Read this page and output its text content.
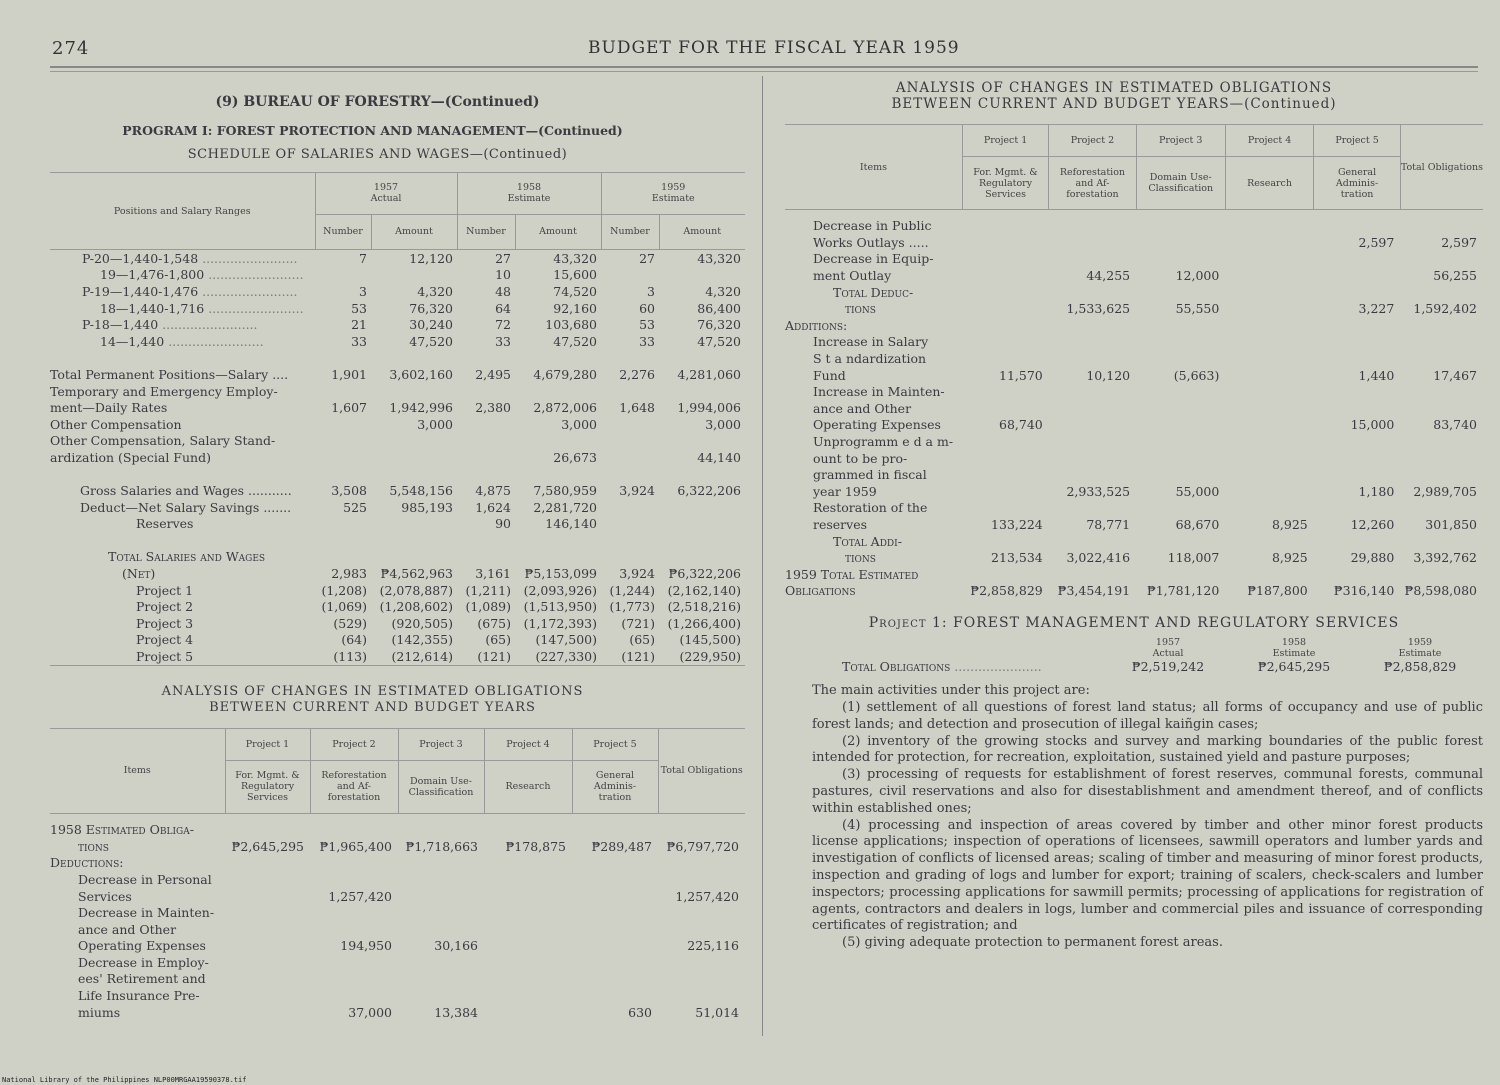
274	BUDGET FOR THE FISCAL YEAR 1959
(9) BUREAU OF FORESTRY—(Continued)
PROGRAM I: FOREST PROTECTION AND MANAGEMENT—(Continued)
SCHEDULE OF SALARIES AND WAGES—(Continued)
Positions and Salary Ranges	1957
Actual		1958
Estimate		1959
Estimate	
	Number	Amount	Number	Amount	Number	Amount
P-20—1,440-1,548 ........................	7	12,120	27	43,320	27	43,320
19—1,476-1,800 ........................			10	15,600		
P-19—1,440-1,476 ........................	3	4,320	48	74,520	3	4,320
18—1,440-1,716 ........................	53	76,320	64	92,160	60	86,400
P-18—1,440 ........................	21	30,240	72	103,680	53	76,320
14—1,440 ........................	33	47,520	33	47,520	33	47,520

Total Permanent Positions—Salary ....	1,901	3,602,160	2,495	4,679,280	2,276	4,281,060
Temporary and Emergency Employ-						
ment—Daily Rates	1,607	1,942,996	2,380	2,872,006	1,648	1,994,006
Other Compensation		3,000		3,000		3,000
Other Compensation, Salary Stand-						
ardization (Special Fund)				26,673		44,140

Gross Salaries and Wages ...........	3,508	5,548,156	4,875	7,580,959	3,924	6,322,206
Deduct—Net Salary Savings .......	525	985,193	1,624	2,281,720		
Reserves			90	146,140		

Total Salaries and Wages						
(Net)	2,983	₱4,562,963	3,161	₱5,153,099	3,924	₱6,322,206
Project 1	(1,208)	(2,078,887)	(1,211)	(2,093,926)	(1,244)	(2,162,140)
Project 2	(1,069)	(1,208,602)	(1,089)	(1,513,950)	(1,773)	(2,518,216)
Project 3	(529)	(920,505)	(675)	(1,172,393)	(721)	(1,266,400)
Project 4	(64)	(142,355)	(65)	(147,500)	(65)	(145,500)
Project 5	(113)	(212,614)	(121)	(227,330)	(121)	(229,950)

ANALYSIS OF CHANGES IN ESTIMATED OBLIGATIONS
BETWEEN CURRENT AND BUDGET YEARS
Items	Project 1	Project 2	Project 3	Project 4	Project 5	Total Obligations
	For. Mgmt. & Regulatory Services	Reforestation and Af-forestation	Domain Use-Classification	Research	General Adminis-tration	

1958 Estimated Obliga-						
tions	₱2,645,295	₱1,965,400	₱1,718,663	₱178,875	₱289,487	₱6,797,720
Deductions:						
Decrease in Personal						
Services		1,257,420				1,257,420
Decrease in Mainten-						
ance and Other						
Operating Expenses		194,950	30,166			225,116
Decrease in Employ-						
ees' Retirement and						
Life Insurance Pre-						
miums		37,000	13,384		630	51,014
ANALYSIS OF CHANGES IN ESTIMATED OBLIGATIONS
BETWEEN CURRENT AND BUDGET YEARS—(Continued)
Items	Project 1	Project 2	Project 3	Project 4	Project 5	Total Obligations
	For. Mgmt. & Regulatory Services	Reforestation and Af-forestation	Domain Use-Classification	Research	General Adminis-tration	

Decrease in Public						
Works Outlays .....					2,597	2,597
Decrease in Equip-						
ment Outlay		44,255	12,000			56,255
Total Deduc-						
tions		1,533,625	55,550		3,227	1,592,402
Additions:						
Increase in Salary						
S t a ndardization						
Fund	11,570	10,120	(5,663)		1,440	17,467
Increase in Mainten-						
ance and Other						
Operating Expenses	68,740				15,000	83,740
Unprogramm e d a m-						
ount to be pro-						
grammed in fiscal						
year 1959		2,933,525	55,000		1,180	2,989,705
Restoration of the						
reserves	133,224	78,771	68,670	8,925	12,260	301,850
Total Addi-						
tions	213,534	3,022,416	118,007	8,925	29,880	3,392,762
1959 Total Estimated						
Obligations	₱2,858,829	₱3,454,191	₱1,781,120	₱187,800	₱316,140	₱8,598,080
Project 1: FOREST MANAGEMENT AND REGULATORY SERVICES
	1957
Actual	1958
Estimate	1959
Estimate
Total Obligations ......................	₱2,519,242	₱2,645,295	₱2,858,829
The main activities under this project are:
(1) settlement of all questions of forest land status; all forms of occupancy and use of public forest lands; and detection and prosecution of illegal kaiñgin cases;
(2) inventory of the growing stocks and survey and marking boundaries of the public forest intended for protection, for recreation, exploitation, sustained yield and pasture purposes;
(3) processing of requests for establishment of forest reserves, communal forests, communal pastures, civil reservations and also for disestablishment and amendment thereof, and of conflicts within established ones;
(4) processing and inspection of areas covered by timber and other minor forest products license applications; inspection of operations of licensees, sawmill operators and lumber yards and investigation of conflicts of licensed areas; scaling of timber and measuring of minor forest products, inspection and grading of logs and lumber for export; training of scalers, check-scalers and lumber inspectors; processing applications for sawmill permits; processing of applications for registration of agents, contractors and dealers in logs, lumber and commercial piles and issuance of corresponding certificates of registration; and
(5) giving adequate protection to permanent forest areas.
National Library of the Philippines NLP00MRGAA19590378.tif
